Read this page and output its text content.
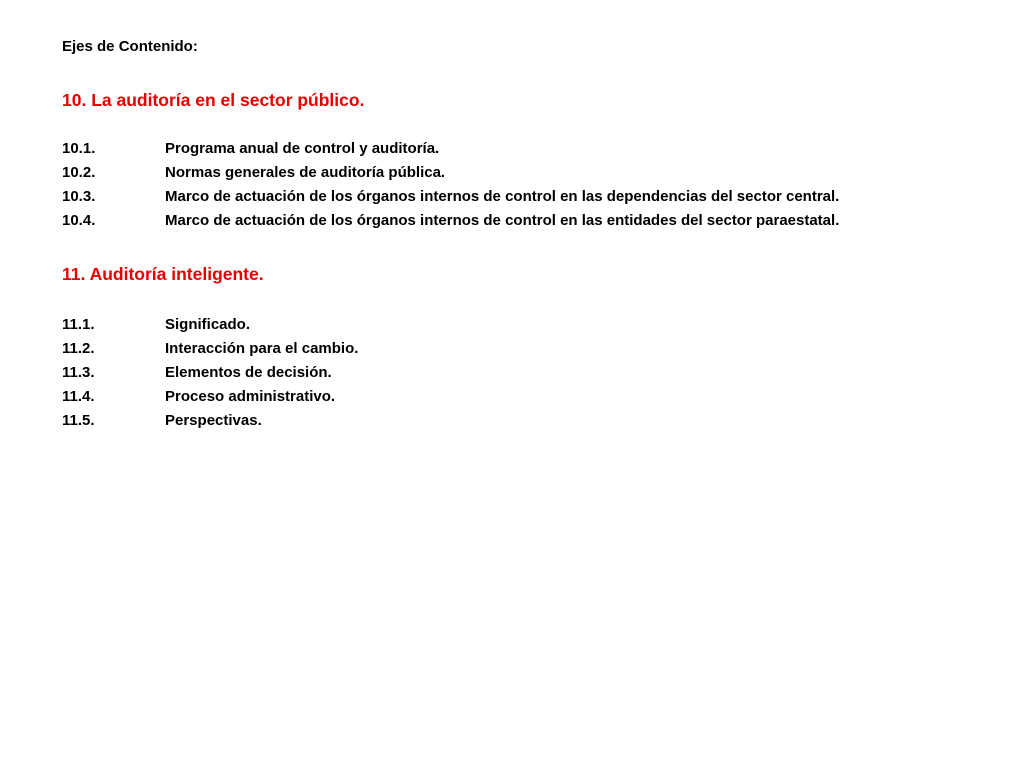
Ejes de Contenido:

10. La auditoría en el sector público.

10.1.	Programa anual de control y auditoría.
10.2.	Normas generales de auditoría pública.
10.3.	Marco de actuación de los órganos internos de control en las dependencias del sector central.
10.4.	Marco de actuación de los órganos internos de control en las entidades del sector paraestatal.

11. Auditoría inteligente.

11.1.	Significado.
11.2.	Interacción para el cambio.
11.3.	Elementos de decisión.
11.4.	Proceso administrativo.
11.5.	Perspectivas.
